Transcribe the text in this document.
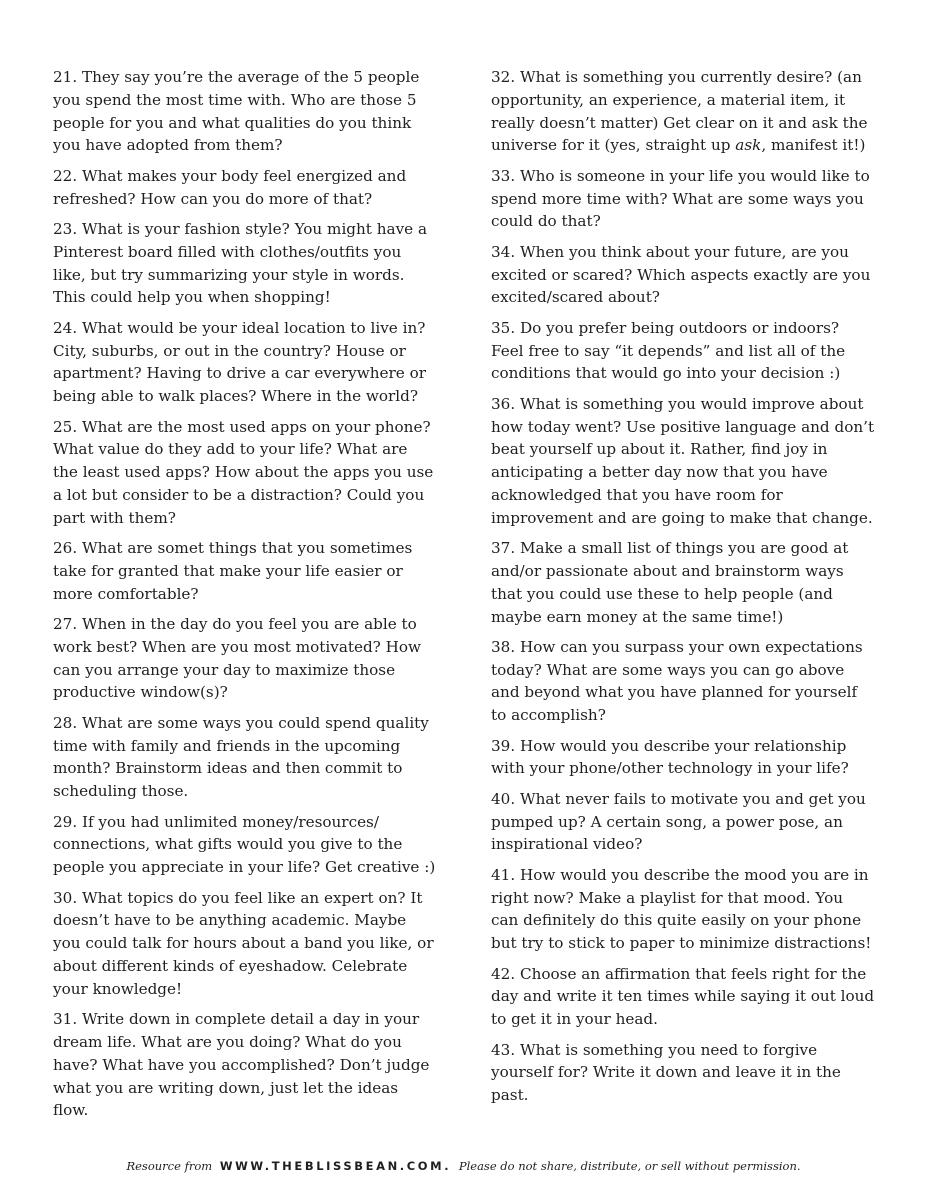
21. They say you’re the average of the 5 people you spend the most time with. Who are those 5 people for you and what qualities do you think you have adopted from them?

22. What makes your body feel energized and refreshed? How can you do more of that?

23. What is your fashion style? You might have a Pinterest board filled with clothes/outfits you like, but try summarizing your style in words. This could help you when shopping!

24. What would be your ideal location to live in? City, suburbs, or out in the country? House or apartment? Having to drive a car everywhere or being able to walk places? Where in the world?

25. What are the most used apps on your phone? What value do they add to your life? What are the least used apps? How about the apps you use a lot but consider to be a distraction? Could you part with them?

26. What are somet things that you sometimes take for granted that make your life easier or more comfortable?

27. When in the day do you feel you are able to work best? When are you most motivated? How can you arrange your day to maximize those productive window(s)?

28. What are some ways you could spend quality time with family and friends in the upcoming month? Brainstorm ideas and then commit to scheduling those.

29. If you had unlimited money/resources/ connections, what gifts would you give to the people you appreciate in your life? Get creative :)

30. What topics do you feel like an expert on? It doesn’t have to be anything academic. Maybe you could talk for hours about a band you like, or about different kinds of eyeshadow. Celebrate your knowledge!

31. Write down in complete detail a day in your dream life. What are you doing? What do you have? What have you accomplished? Don’t judge what you are writing down, just let the ideas flow.

32. What is something you currently desire? (an opportunity, an experience, a material item, it really doesn’t matter) Get clear on it and ask the universe for it (yes, straight up ask, manifest it!)

33. Who is someone in your life you would like to spend more time with? What are some ways you could do that?

34. When you think about your future, are you excited or scared? Which aspects exactly are you excited/scared about?

35. Do you prefer being outdoors or indoors? Feel free to say “it depends” and list all of the conditions that would go into your decision :)

36. What is something you would improve about how today went? Use positive language and don’t beat yourself up about it. Rather, find joy in anticipating a better day now that you have acknowledged that you have room for improvement and are going to make that change.

37. Make a small list of things you are good at and/or passionate about and brainstorm ways that you could use these to help people (and maybe earn money at the same time!)

38. How can you surpass your own expectations today? What are some ways you can go above and beyond what you have planned for yourself to accomplish?

39. How would you describe your relationship with your phone/other technology in your life?

40. What never fails to motivate you and get you pumped up? A certain song, a power pose, an inspirational video?

41. How would you describe the mood you are in right now? Make a playlist for that mood. You can definitely do this quite easily on your phone but try to stick to paper to minimize distractions!

42. Choose an affirmation that feels right for the day and write it ten times while saying it out loud to get it in your head.

43. What is something you need to forgive yourself for? Write it down and leave it in the past.

Resource from WWW.THEBLISSBEAN.COM. Please do not share, distribute, or sell without permission.
